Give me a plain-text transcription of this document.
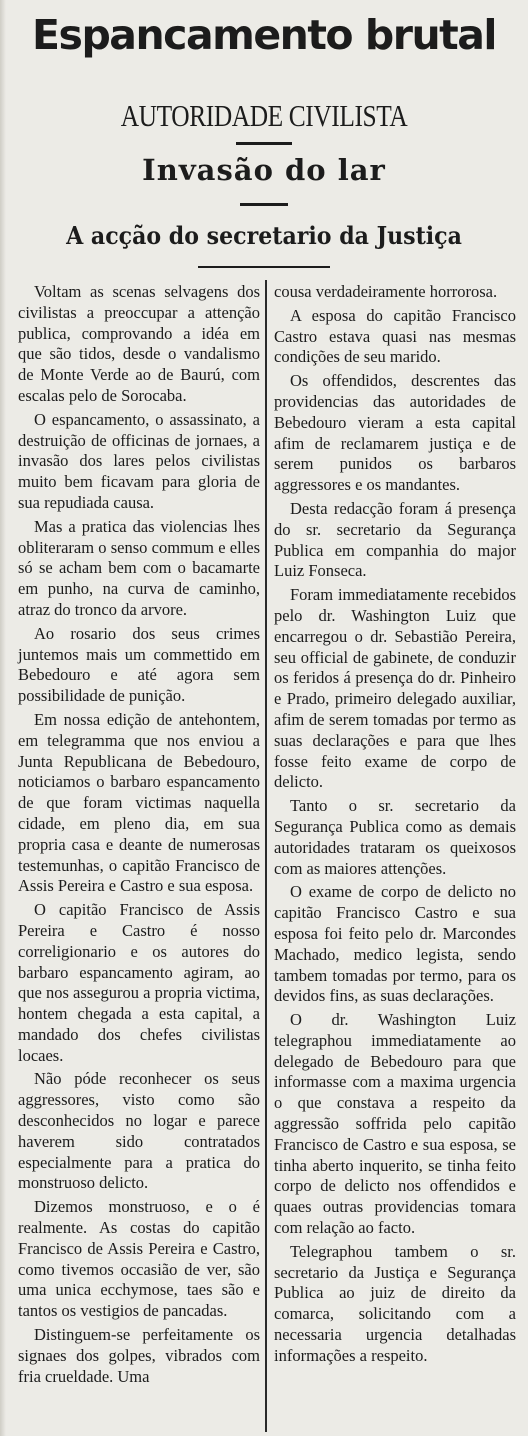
Espancamento brutal
AUTORIDADE CIVILISTA
Invasão do lar
A acção do secretario da Justiça

Voltam as scenas selvagens dos civilistas a preoccupar a attenção publica, comprovando a idéa em que são tidos, desde o vandalismo de Monte Verde ao de Baurú, com escalas pelo de Sorocaba.

O espancamento, o assassinato, a destruição de officinas de jornaes, a invasão dos lares pelos civilistas muito bem ficavam para gloria de sua repudiada causa.

Mas a pratica das violencias lhes obliteraram o senso commum e elles só se acham bem com o bacamarte em punho, na curva de caminho, atraz do tronco da arvore.

Ao rosario dos seus crimes juntemos mais um commettido em Bebedouro e até agora sem possibilidade de punição.

Em nossa edição de antehontem, em telegramma que nos enviou a Junta Republicana de Bebedouro, noticiamos o barbaro espancamento de que foram victimas naquella cidade, em pleno dia, em sua propria casa e deante de numerosas testemunhas, o capitão Francisco de Assis Pereira e Castro e sua esposa.

O capitão Francisco de Assis Pereira e Castro é nosso correligionario e os autores do barbaro espancamento agiram, ao que nos assegurou a propria victima, hontem chegada a esta capital, a mandado dos chefes civilistas locaes.

Não póde reconhecer os seus aggressores, visto como são desconhecidos no logar e parece haverem sido contratados especialmente para a pratica do monstruoso delicto.

Dizemos monstruoso, e o é realmente. As costas do capitão Francisco de Assis Pereira e Castro, como tivemos occasião de ver, são uma unica ecchymose, taes são e tantos os vestigios de pancadas.

Distinguem-se perfeitamente os signaes dos golpes, vibrados com fria crueldade. Uma

cousa verdadeiramente horrorosa.

A esposa do capitão Francisco Castro estava quasi nas mesmas condições de seu marido.

Os offendidos, descrentes das providencias das autoridades de Bebedouro vieram a esta capital afim de reclamarem justiça e de serem punidos os barbaros aggressores e os mandantes.

Desta redacção foram á presença do sr. secretario da Segurança Publica em companhia do major Luiz Fonseca.

Foram immediatamente recebidos pelo dr. Washington Luiz que encarregou o dr. Sebastião Pereira, seu official de gabinete, de conduzir os feridos á presença do dr. Pinheiro e Prado, primeiro delegado auxiliar, afim de serem tomadas por termo as suas declarações e para que lhes fosse feito exame de corpo de delicto.

Tanto o sr. secretario da Segurança Publica como as demais autoridades trataram os queixosos com as maiores attenções.

O exame de corpo de delicto no capitão Francisco Castro e sua esposa foi feito pelo dr. Marcondes Machado, medico legista, sendo tambem tomadas por termo, para os devidos fins, as suas declarações.

O dr. Washington Luiz telegraphou immediatamente ao delegado de Bebedouro para que informasse com a maxima urgencia o que constava a respeito da aggressão soffrida pelo capitão Francisco de Castro e sua esposa, se tinha aberto inquerito, se tinha feito corpo de delicto nos offendidos e quaes outras providencias tomara com relação ao facto.

Telegraphou tambem o sr. secretario da Justiça e Segurança Publica ao juiz de direito da comarca, solicitando com a necessaria urgencia detalhadas informações a respeito.
